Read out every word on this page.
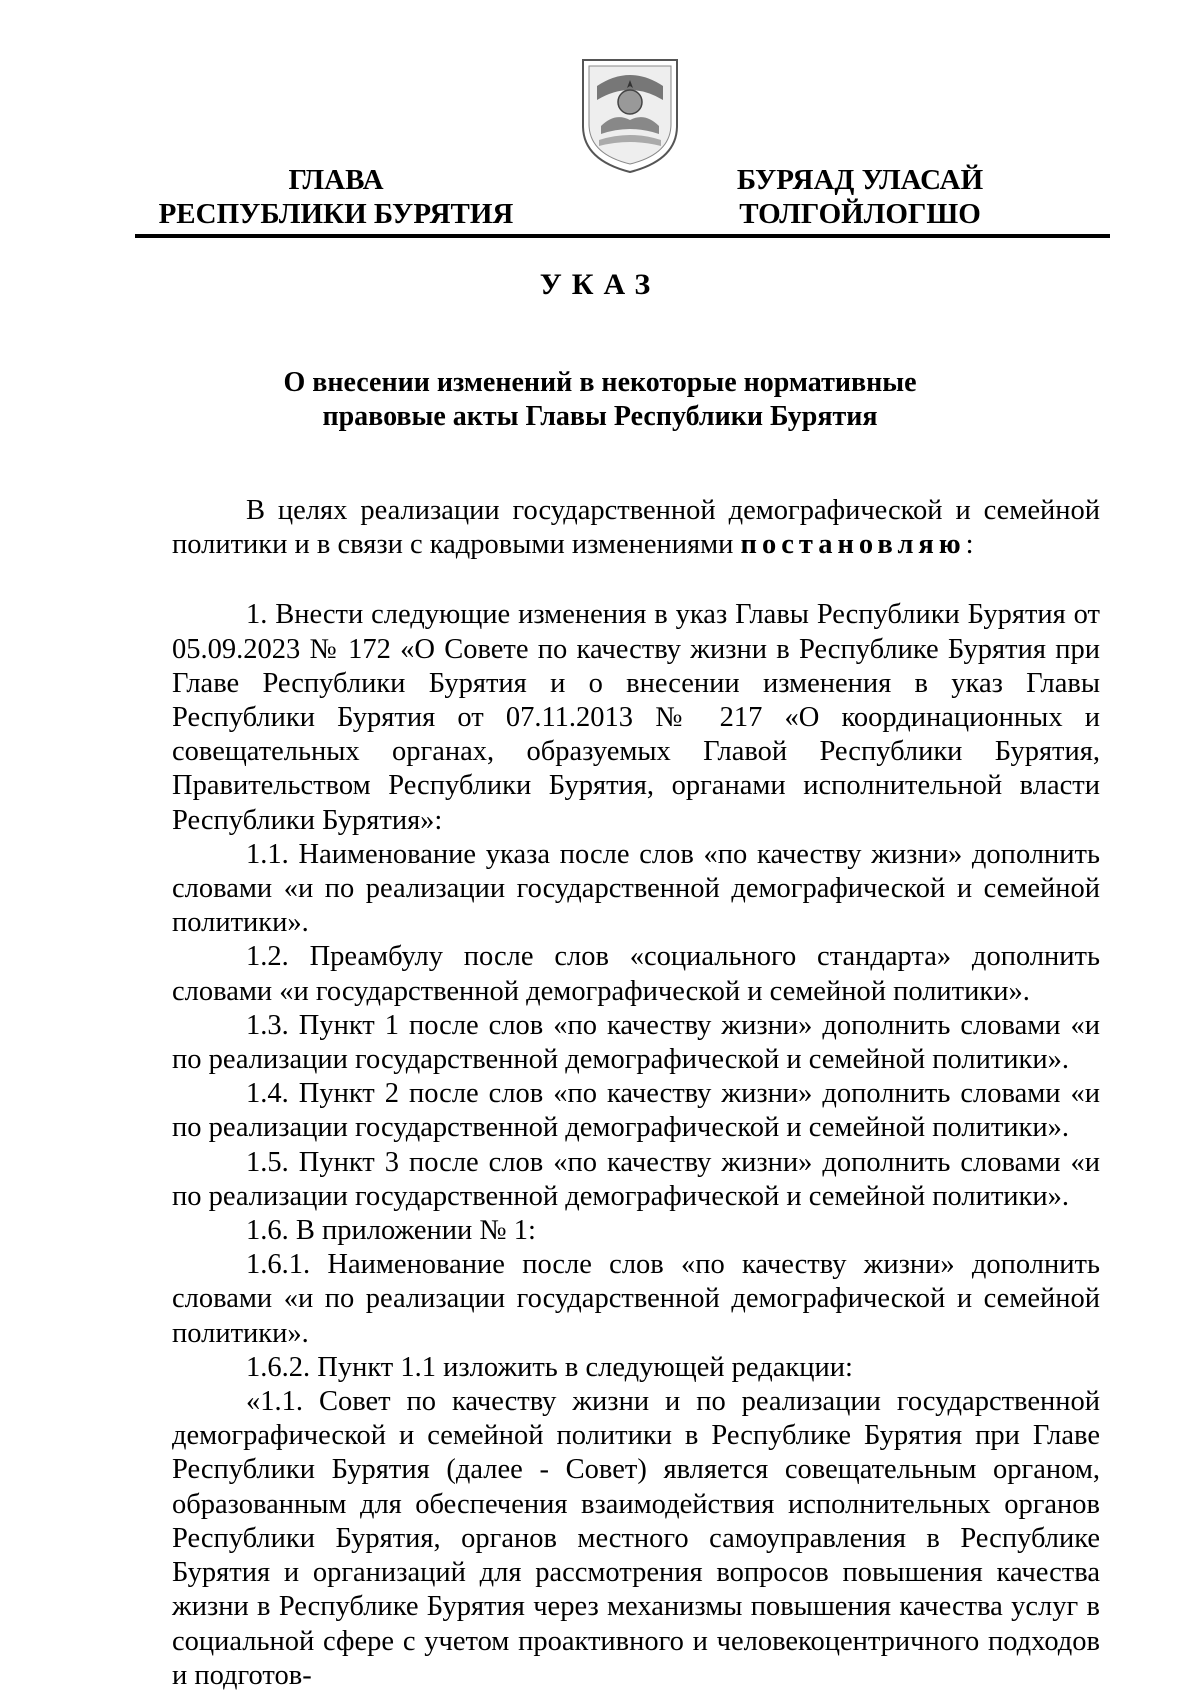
ГЛАВА
РЕСПУБЛИКИ БУРЯТИЯ
БУРЯАД УЛАСАЙ
ТОЛГОЙЛОГШО
УКАЗ
О внесении изменений в некоторые нормативные
правовые акты Главы Республики Бурятия

В целях реализации государственной демографической и семейной политики и в связи с кадровыми изменениями постановляю:

1. Внести следующие изменения в указ Главы Республики Бурятия от 05.09.2023 № 172 «О Совете по качеству жизни в Республике Бурятия при Главе Республики Бурятия и о внесении изменения в указ Главы Республики Бурятия от 07.11.2013 № 217 «О координационных и совещательных органах, образуемых Главой Республики Бурятия, Правительством Республики Бурятия, органами исполнительной власти Республики Бурятия»:

1.1. Наименование указа после слов «по качеству жизни» дополнить словами «и по реализации государственной демографической и семейной политики».

1.2. Преамбулу после слов «социального стандарта» дополнить словами «и государственной демографической и семейной политики».

1.3. Пункт 1 после слов «по качеству жизни» дополнить словами «и по реализации государственной демографической и семейной политики».

1.4. Пункт 2 после слов «по качеству жизни» дополнить словами «и по реализации государственной демографической и семейной политики».

1.5. Пункт 3 после слов «по качеству жизни» дополнить словами «и по реализации государственной демографической и семейной политики».

1.6. В приложении № 1:

1.6.1. Наименование после слов «по качеству жизни» дополнить словами «и по реализации государственной демографической и семейной политики».

1.6.2. Пункт 1.1 изложить в следующей редакции:

«1.1. Совет по качеству жизни и по реализации государственной демографической и семейной политики в Республике Бурятия при Главе Республики Бурятия (далее - Совет) является совещательным органом, образованным для обеспечения взаимодействия исполнительных органов Республики Бурятия, органов местного самоуправления в Республике Бурятия и организаций для рассмотрения вопросов повышения качества жизни в Республике Бурятия через механизмы повышения качества услуг в социальной сфере с учетом проактивного и человекоцентричного подходов и подготов-
